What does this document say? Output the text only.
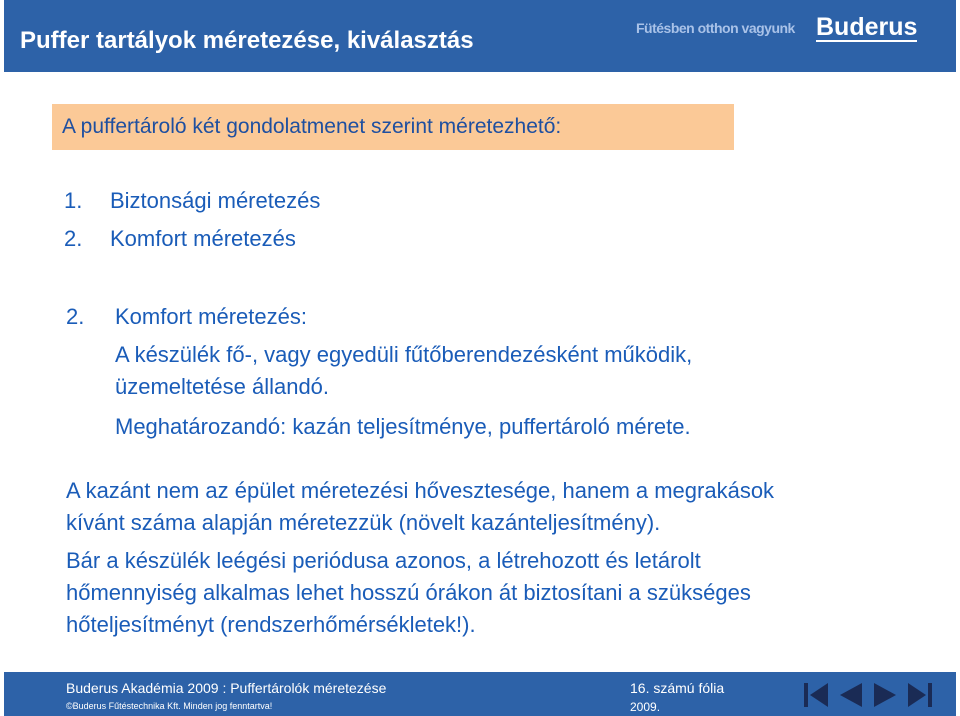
Puffer tartályok méretezése, kiválasztás	Fütésben otthon vagyunk Buderus
A puffertároló két gondolatmenet szerint méretezhető:
1. Biztonsági méretezés
2. Komfort méretezés
2. Komfort méretezés:
A készülék fő-, vagy egyedüli fűtőberendezésként működik,
üzemeltetése állandó.
Meghatározandó: kazán teljesítménye, puffertároló mérete.
A kazánt nem az épület méretezési hővesztesége, hanem a megrakások
kívánt száma alapján méretezzük (növelt kazánteljesítmény).
Bár a készülék leégési periódusa azonos, a létrehozott és letárolt
hőmennyiség alkalmas lehet hosszú órákon át biztosítani a szükséges
hőteljesítményt (rendszerhőmérsékletek!).
Buderus Akadémia 2009 : Puffertárolók méretezése
©Buderus Fűtéstechnika Kft. Minden jog fenntartva!
16. számú fólia
2009.
